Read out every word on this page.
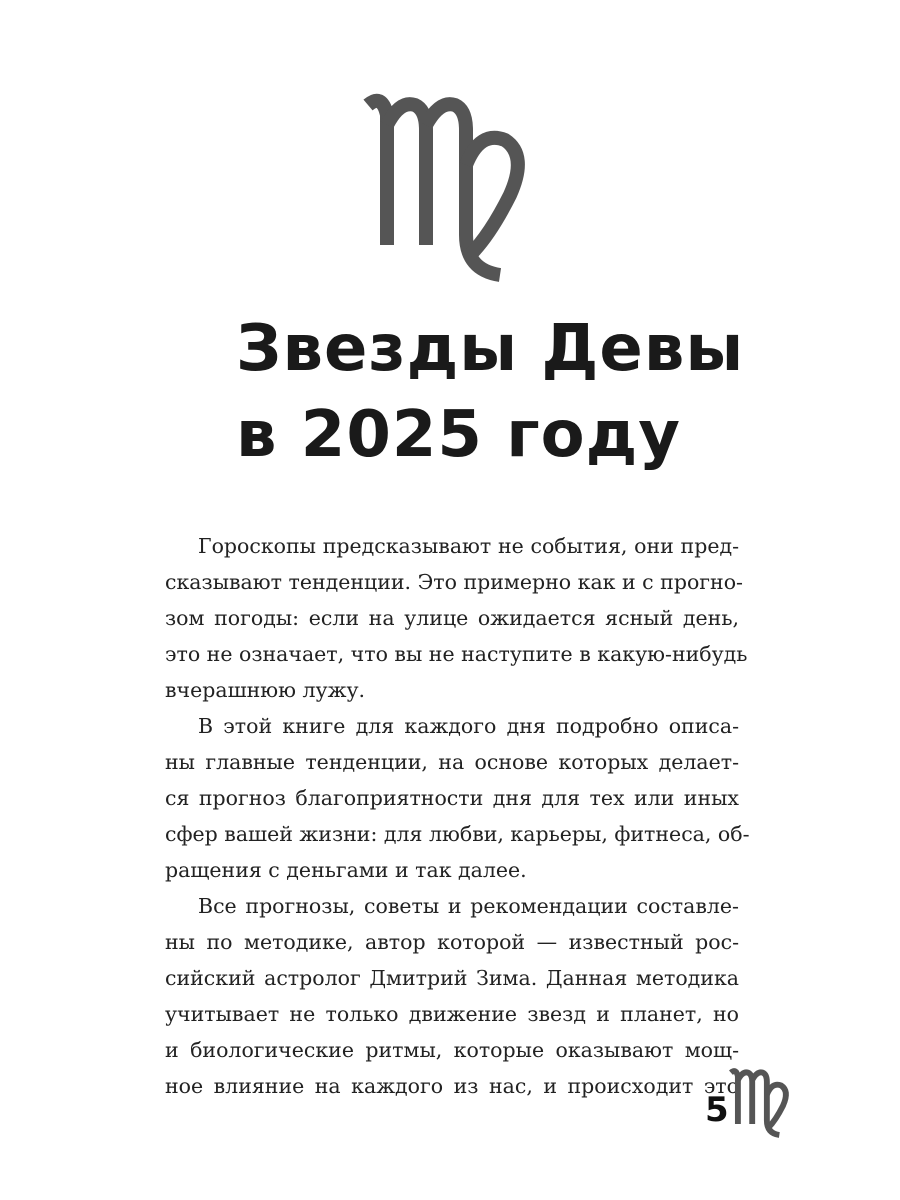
Звезды Девы
в 2025 году
Гороскопы предсказывают не события, они пред-
сказывают тенденции. Это примерно как и с прогно-
зом погоды: если на улице ожидается ясный день,
это не означает, что вы не наступите в какую-нибудь
вчерашнюю лужу.
В этой книге для каждого дня подробно описа-
ны главные тенденции, на основе которых делает-
ся прогноз благоприятности дня для тех или иных
сфер вашей жизни: для любви, карьеры, фитнеса, об-
ращения с деньгами и так далее.
Все прогнозы, советы и рекомендации составле-
ны по методике, автор которой — известный рос-
сийский астролог Дмитрий Зима. Данная методика
учитывает не только движение звезд и планет, но
и биологические ритмы, которые оказывают мощ-
ное влияние на каждого из нас, и происходит это
5
